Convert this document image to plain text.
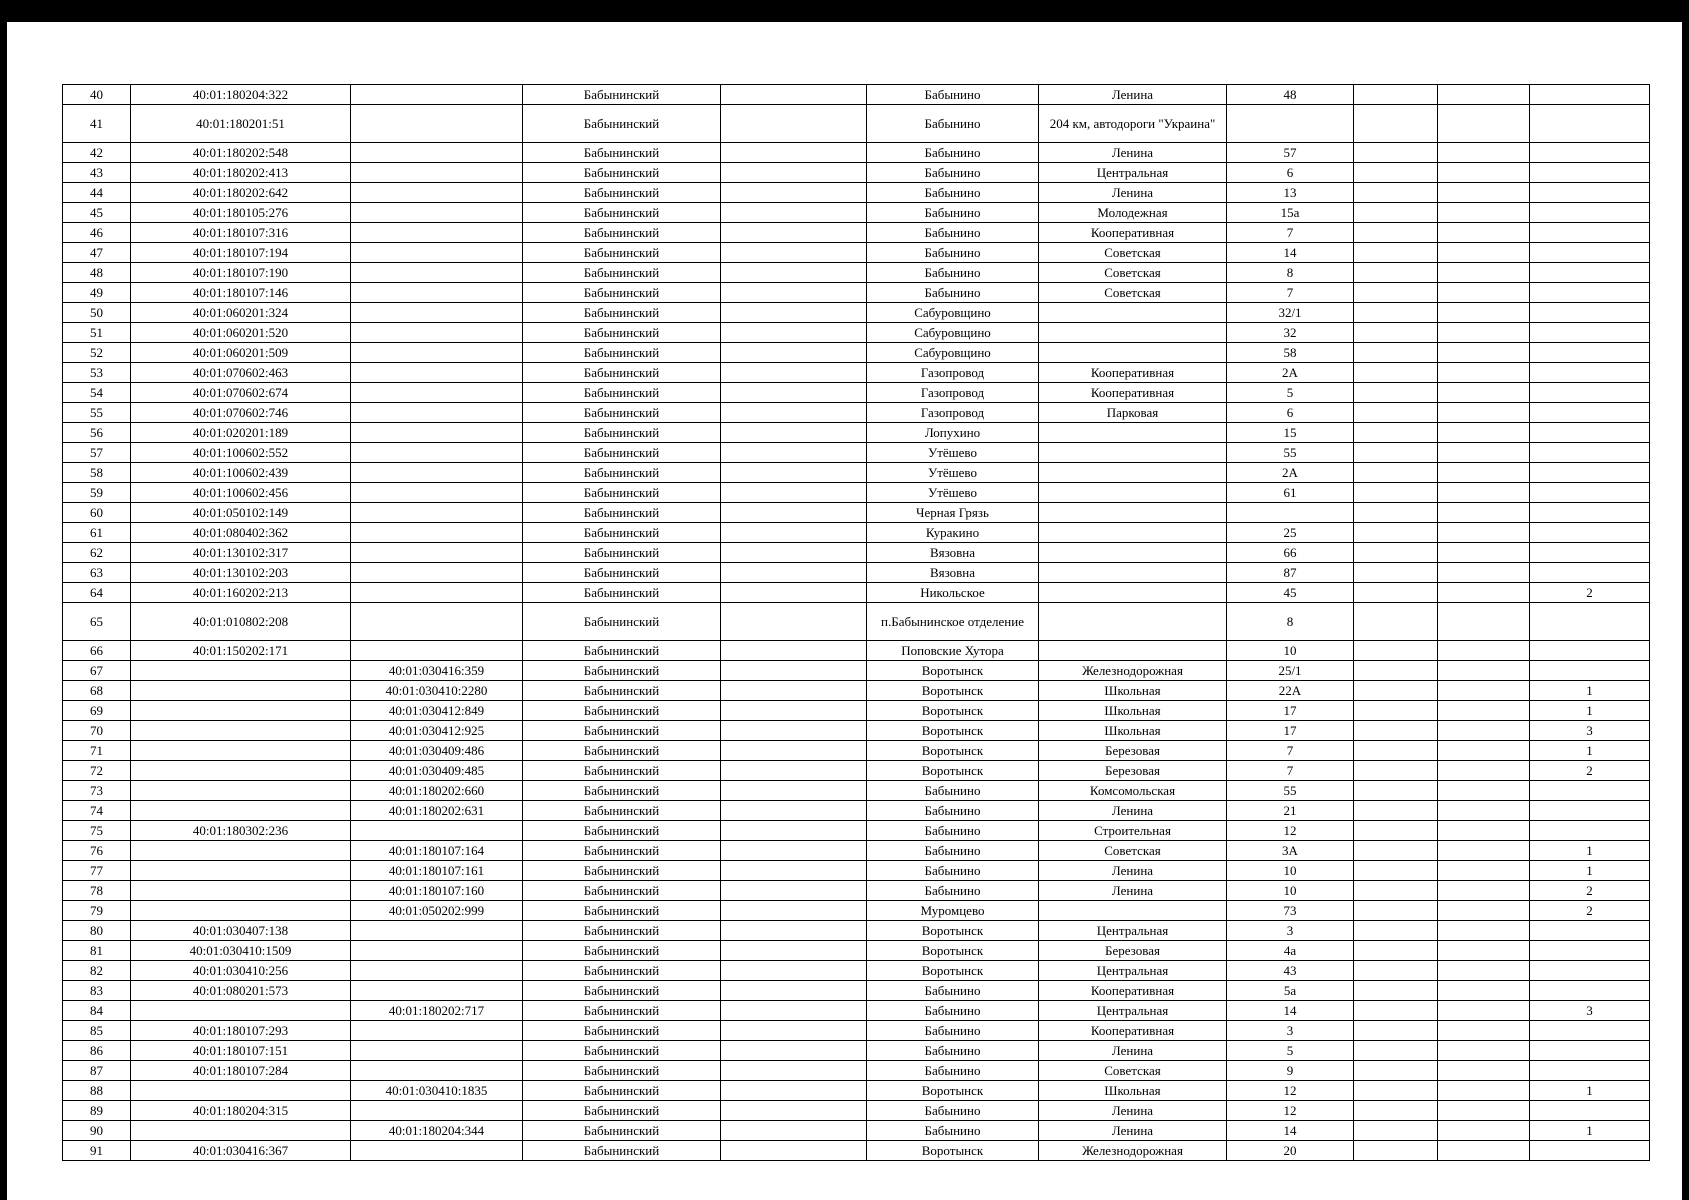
40	40:01:180204:322		Бабынинский		Бабынино	Ленина	48			
41	40:01:180201:51		Бабынинский		Бабынино	204 км, автодороги "Украина"				
42	40:01:180202:548		Бабынинский		Бабынино	Ленина	57			
43	40:01:180202:413		Бабынинский		Бабынино	Центральная	6			
44	40:01:180202:642		Бабынинский		Бабынино	Ленина	13			
45	40:01:180105:276		Бабынинский		Бабынино	Молодежная	15а			
46	40:01:180107:316		Бабынинский		Бабынино	Кооперативная	7			
47	40:01:180107:194		Бабынинский		Бабынино	Советская	14			
48	40:01:180107:190		Бабынинский		Бабынино	Советская	8			
49	40:01:180107:146		Бабынинский		Бабынино	Советская	7			
50	40:01:060201:324		Бабынинский		Сабуровщино		32/1			
51	40:01:060201:520		Бабынинский		Сабуровщино		32			
52	40:01:060201:509		Бабынинский		Сабуровщино		58			
53	40:01:070602:463		Бабынинский		Газопровод	Кооперативная	2А			
54	40:01:070602:674		Бабынинский		Газопровод	Кооперативная	5			
55	40:01:070602:746		Бабынинский		Газопровод	Парковая	6			
56	40:01:020201:189		Бабынинский		Лопухино		15			
57	40:01:100602:552		Бабынинский		Утёшево		55			
58	40:01:100602:439		Бабынинский		Утёшево		2А			
59	40:01:100602:456		Бабынинский		Утёшево		61			
60	40:01:050102:149		Бабынинский		Черная Грязь					
61	40:01:080402:362		Бабынинский		Куракино		25			
62	40:01:130102:317		Бабынинский		Вязовна		66			
63	40:01:130102:203		Бабынинский		Вязовна		87			
64	40:01:160202:213		Бабынинский		Никольское		45			2
65	40:01:010802:208		Бабынинский		п.Бабынинское отделение		8			
66	40:01:150202:171		Бабынинский		Поповские Хутора		10			
67		40:01:030416:359	Бабынинский		Воротынск	Железнодорожная	25/1			
68		40:01:030410:2280	Бабынинский		Воротынск	Школьная	22А			1
69		40:01:030412:849	Бабынинский		Воротынск	Школьная	17			1
70		40:01:030412:925	Бабынинский		Воротынск	Школьная	17			3
71		40:01:030409:486	Бабынинский		Воротынск	Березовая	7			1
72		40:01:030409:485	Бабынинский		Воротынск	Березовая	7			2
73		40:01:180202:660	Бабынинский		Бабынино	Комсомольская	55			
74		40:01:180202:631	Бабынинский		Бабынино	Ленина	21			
75	40:01:180302:236		Бабынинский		Бабынино	Строительная	12			
76		40:01:180107:164	Бабынинский		Бабынино	Советская	3А			1
77		40:01:180107:161	Бабынинский		Бабынино	Ленина	10			1
78		40:01:180107:160	Бабынинский		Бабынино	Ленина	10			2
79		40:01:050202:999	Бабынинский		Муромцево		73			2
80	40:01:030407:138		Бабынинский		Воротынск	Центральная	3			
81	40:01:030410:1509		Бабынинский		Воротынск	Березовая	4а			
82	40:01:030410:256		Бабынинский		Воротынск	Центральная	43			
83	40:01:080201:573		Бабынинский		Бабынино	Кооперативная	5а			
84		40:01:180202:717	Бабынинский		Бабынино	Центральная	14			3
85	40:01:180107:293		Бабынинский		Бабынино	Кооперативная	3			
86	40:01:180107:151		Бабынинский		Бабынино	Ленина	5			
87	40:01:180107:284		Бабынинский		Бабынино	Советская	9			
88		40:01:030410:1835	Бабынинский		Воротынск	Школьная	12			1
89	40:01:180204:315		Бабынинский		Бабынино	Ленина	12			
90		40:01:180204:344	Бабынинский		Бабынино	Ленина	14			1
91	40:01:030416:367		Бабынинский		Воротынск	Железнодорожная	20			
